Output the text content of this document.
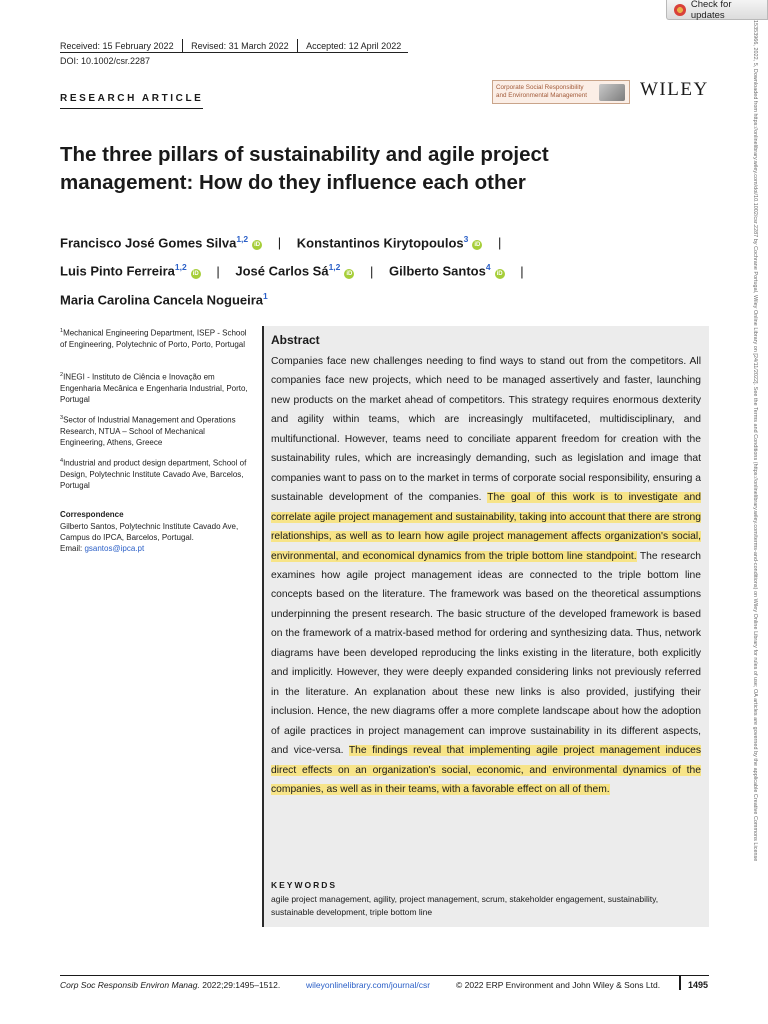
Check for updates
15353966, 2022, 5, Downloaded from https://onlinelibrary.wiley.com/doi/10.1002/csr.2287 by Cochrane Portugal, Wiley Online Library on [24/11/2022]. See the Terms and Conditions (https://onlinelibrary.wiley.com/terms-and-conditions) on Wiley Online Library for rules of use; OA articles are governed by the applicable Creative Commons License
Received: 15 February 2022 Revised: 31 March 2022 Accepted: 12 April 2022
DOI: 10.1002/csr.2287
RESEARCH ARTICLE
Corporate Social Responsibility and Environmental Management	WILEY
The three pillars of sustainability and agile project management: How do they influence each other
Francisco José Gomes Silva$^{1,2}$iD | Konstantinos Kirytopoulos$^3$iD |
Luis Pinto Ferreira$^{1,2}$iD | José Carlos Sá$^{1,2}$iD | Gilberto Santos$^4$iD |
Maria Carolina Cancela Nogueira$^1$
$^1$Mechanical Engineering Department, ISEP - School of Engineering, Polytechnic of Porto, Porto, Portugal
$^2$INEGI - Instituto de Ciência e Inovação em Engenharia Mecânica e Engenharia Industrial, Porto, Portugal
$^3$Sector of Industrial Management and Operations Research, NTUA – School of Mechanical Engineering, Athens, Greece
$^4$Industrial and product design department, School of Design, Polytechnic Institute Cavado Ave, Barcelos, Portugal
Correspondence
Gilberto Santos, Polytechnic Institute Cavado Ave, Campus do IPCA, Barcelos, Portugal.
Email: gsantos@ipca.pt
Abstract
Companies face new challenges needing to find ways to stand out from the competitors. All companies face new projects, which need to be managed assertively and faster, launching new products on the market ahead of competitors. This strategy requires enormous dexterity and agility within teams, which are increasingly multifaceted, multidisciplinary, and multifunctional. However, teams need to conciliate apparent freedom for creation with the sustainability rules, which are increasingly demanding, such as legislation and image that companies want to pass on to the market in terms of corporate social responsibility, ensuring a sustainable development of the companies. The goal of this work is to investigate and correlate agile project management and sustainability, taking into account that there are strong relationships, as well as to learn how agile project management affects organization's social, environmental, and economical dynamics from the triple bottom line standpoint. The research examines how agile project management ideas are connected to the triple bottom line concepts based on the literature. The framework was based on the theoretical assumptions underpinning the present research. The basic structure of the developed framework is based on the framework of a matrix-based method for ordering and synthesizing data. Thus, network diagrams have been developed reproducing the links existing in the literature, both explicitly and implicitly. However, they were deeply expanded considering links not previously referred in the literature. An explanation about these new links is also provided, justifying their inclusion. Hence, the new diagrams offer a more complete landscape about how the adoption of agile practices in project management can improve sustainability in its different aspects, and vice-versa. The findings reveal that implementing agile project management induces direct effects on an organization's social, economic, and environmental dynamics of the companies, as well as in their teams, with a favorable effect on all of them.
KEYWORDS
agile project management, agility, project management, scrum, stakeholder engagement, sustainability, sustainable development, triple bottom line
Corp Soc Responsib Environ Manag. 2022;29:1495–1512.	wileyonlinelibrary.com/journal/csr	© 2022 ERP Environment and John Wiley & Sons Ltd.	1495
